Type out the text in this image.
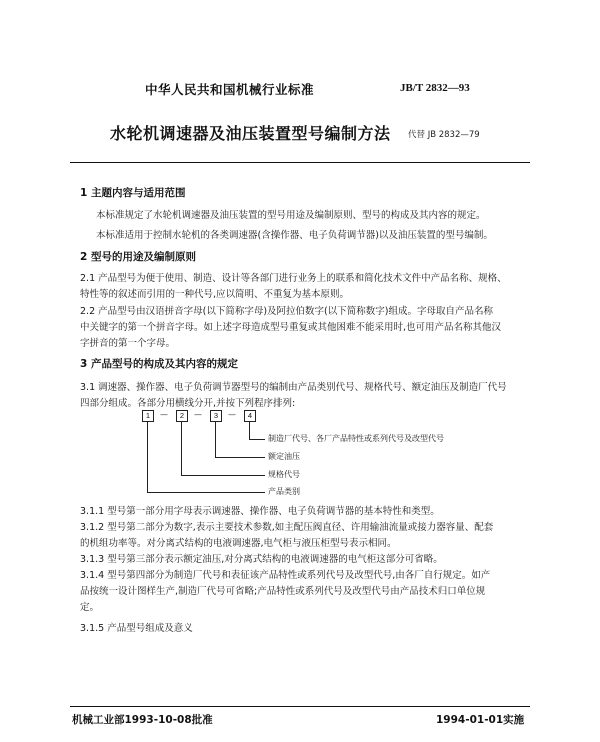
中华人民共和国机械行业标准	JB/T 2832—93
水轮机调速器及油压装置型号编制方法 代替 JB 2832—79
1 主题内容与适用范围
本标准规定了水轮机调速器及油压装置的型号用途及编制原则、型号的构成及其内容的规定。
本标准适用于控制水轮机的各类调速器(含操作器、电子负荷调节器)以及油压装置的型号编制。
2 型号的用途及编制原则
2.1 产品型号为便于使用、制造、设计等各部门进行业务上的联系和简化技术文件中产品名称、规格、
特性等的叙述而引用的一种代号,应以简明、不重复为基本原则。
2.2 产品型号由汉语拼音字母(以下简称字母)及阿拉伯数字(以下简称数字)组成。字母取自产品名称
中关键字的第一个拼音字母。如上述字母造成型号重复或其他困难不能采用时,也可用产品名称其他汉
字拼音的第一个字母。
3 产品型号的构成及其内容的规定
3.1 调速器、操作器、电子负荷调节器型号的编制由产品类别代号、规格代号、额定油压及制造厂代号
四部分组成。各部分用横线分开,并按下列程序排列:
1	—	2	—	3	—	4
制造厂代号、各厂产品特性或系列代号及改型代号
额定油压
规格代号
产品类别
3.1.1 型号第一部分用字母表示调速器、操作器、电子负荷调节器的基本特性和类型。
3.1.2 型号第二部分为数字,表示主要技术参数,如主配压阀直径、许用输油流量或接力器容量、配套
的机组功率等。对分离式结构的电液调速器,电气柜与液压柜型号表示相同。
3.1.3 型号第三部分表示额定油压,对分离式结构的电液调速器的电气柜这部分可省略。
3.1.4 型号第四部分为制造厂代号和表征该产品特性或系列代号及改型代号,由各厂自行规定。如产
品按统一设计图样生产,制造厂代号可省略;产品特性或系列代号及改型代号由产品技术归口单位规
定。
3.1.5 产品型号组成及意义
机械工业部1993-10-08批准	1994-01-01实施
